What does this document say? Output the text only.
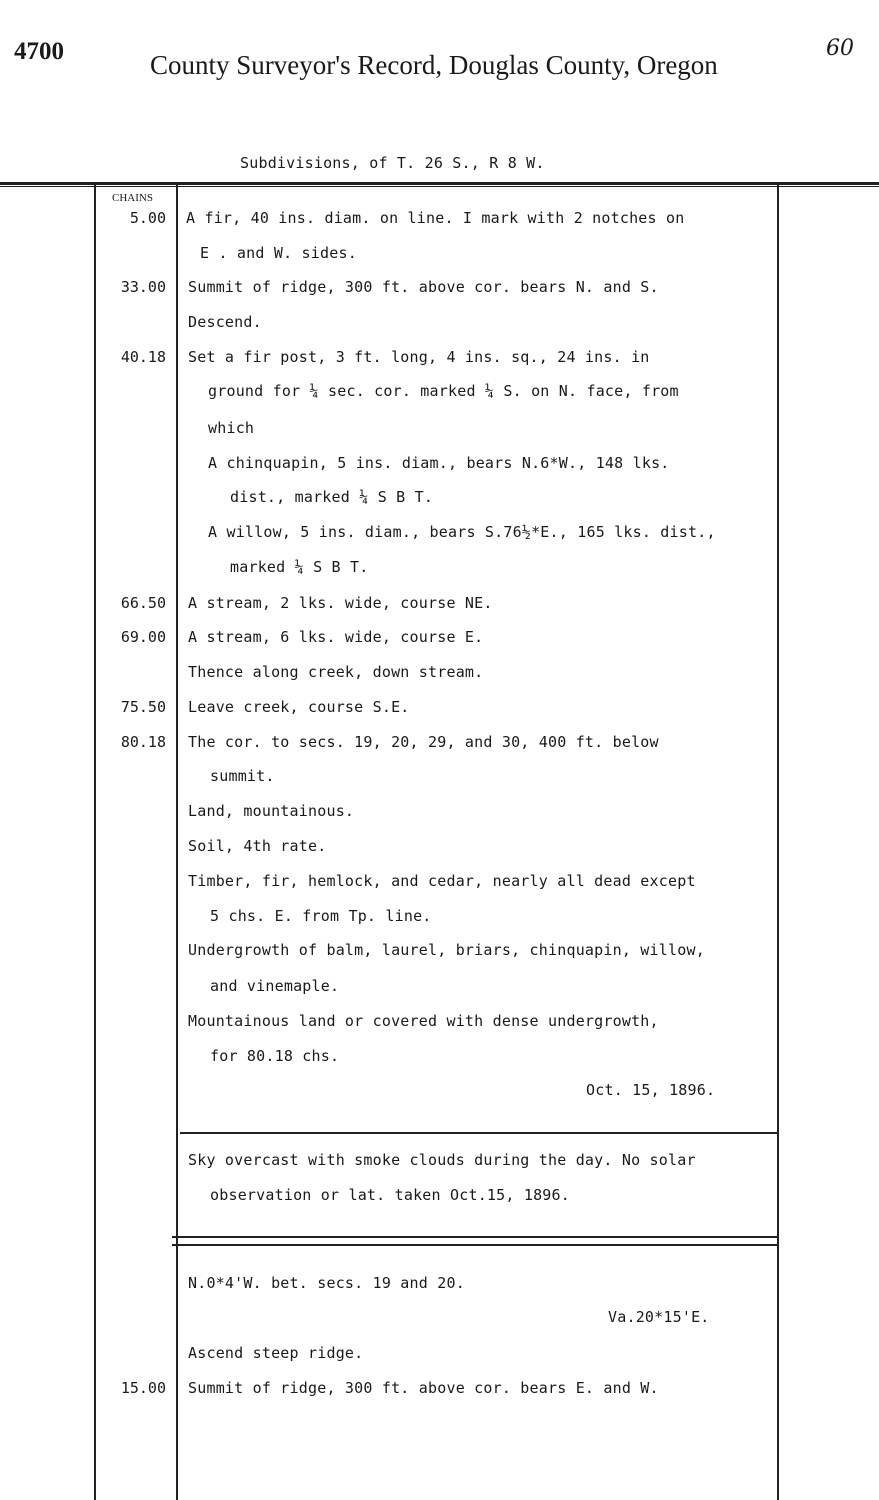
4700	County Surveyor's Record, Douglas County, Oregon
60
Subdivisions, of T. 26 S., R 8 W.
CHAINS
5.00
33.00
40.18
66.50
69.00
75.50
80.18
15.00
A fir, 40 ins. diam. on line. I mark with 2 notches on
E . and W. sides.
Summit of ridge, 300 ft. above cor. bears N. and S.
Descend.
Set a fir post, 3 ft. long, 4 ins. sq., 24 ins. in
ground for ¼ sec. cor. marked ¼ S. on N. face, from
which
A chinquapin, 5 ins. diam., bears N.6*W., 148 lks.
dist., marked ¼ S B T.
A willow, 5 ins. diam., bears S.76½*E., 165 lks. dist.,
marked ¼ S B T.
A stream, 2 lks. wide, course NE.
A stream, 6 lks. wide, course E.
Thence along creek, down stream.
Leave creek, course S.E.
The cor. to secs. 19, 20, 29, and 30, 400 ft. below
summit.
Land, mountainous.
Soil, 4th rate.
Timber, fir, hemlock, and cedar, nearly all dead except
5 chs. E. from Tp. line.
Undergrowth of balm, laurel, briars, chinquapin, willow,
and vinemaple.
Mountainous land or covered with dense undergrowth,
for 80.18 chs.
Oct. 15, 1896.
Sky overcast with smoke clouds during the day. No solar
observation or lat. taken Oct.15, 1896.
N.0*4'W. bet. secs. 19 and 20.
Va.20*15'E.
Ascend steep ridge.
Summit of ridge, 300 ft. above cor. bears E. and W.
